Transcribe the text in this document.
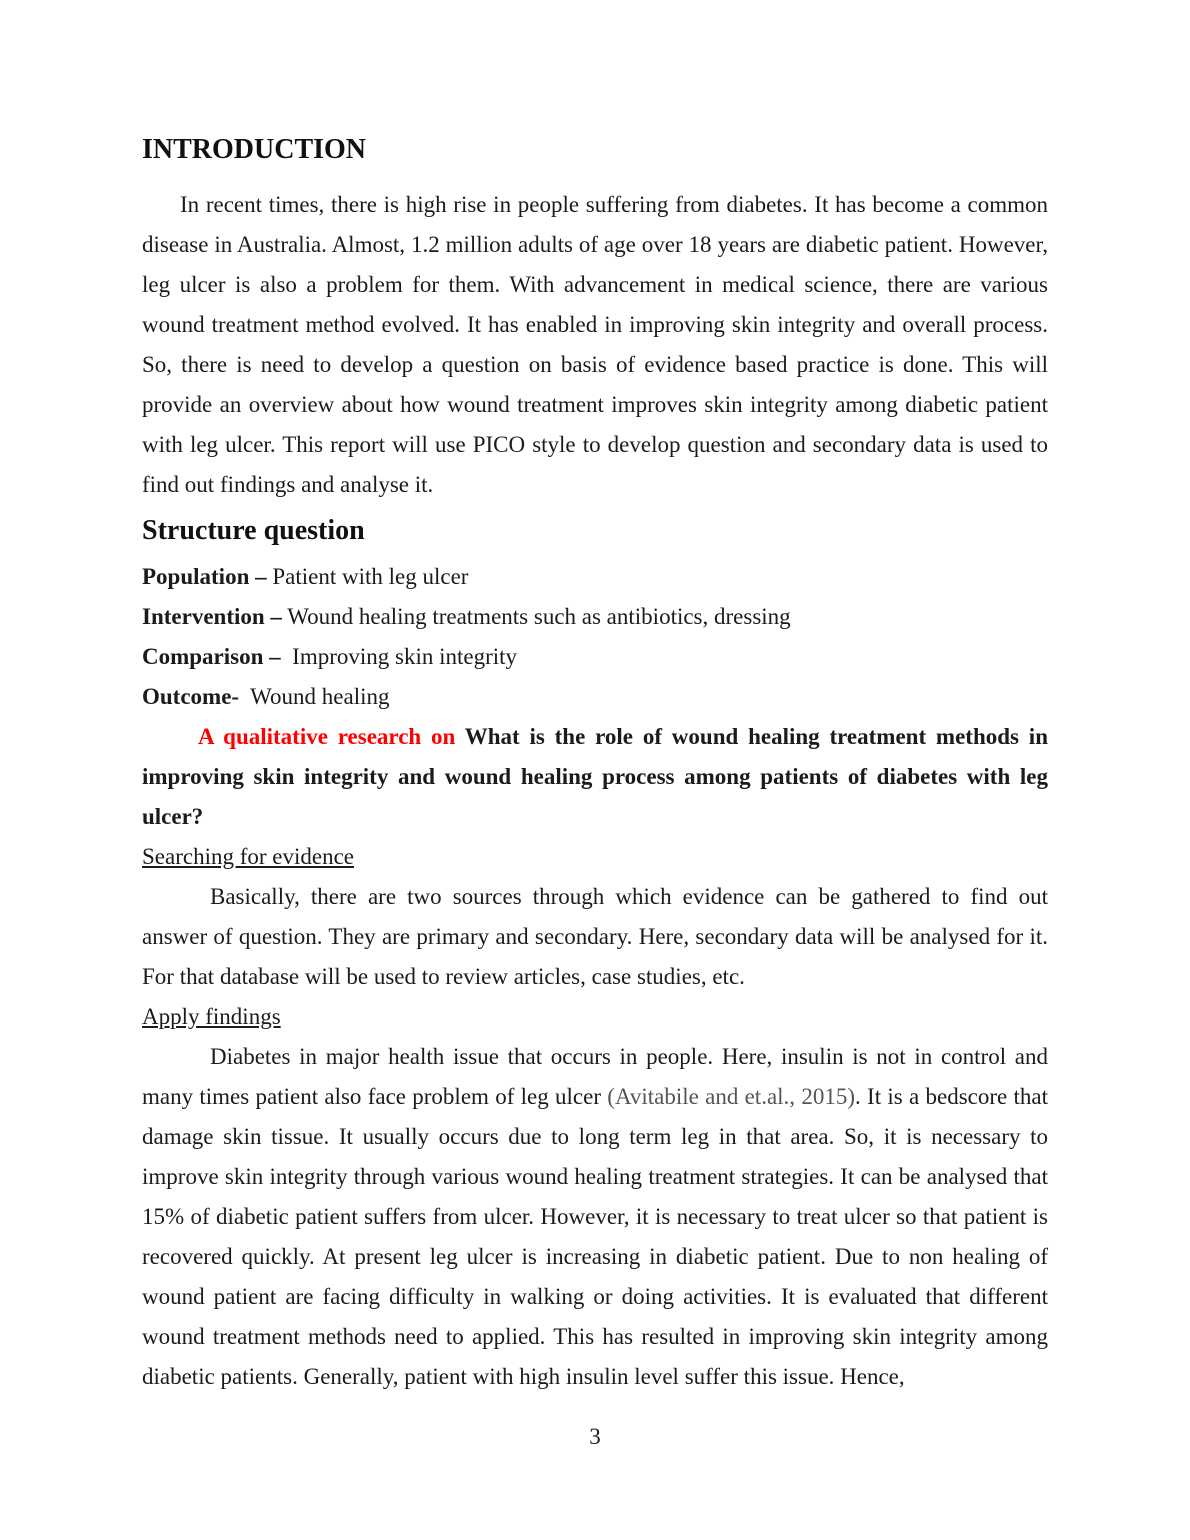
INTRODUCTION

In recent times, there is high rise in people suffering from diabetes. It has become a common disease in Australia. Almost, 1.2 million adults of age over 18 years are diabetic patient. However, leg ulcer is also a problem for them. With advancement in medical science, there are various wound treatment method evolved. It has enabled in improving skin integrity and overall process. So, there is need to develop a question on basis of evidence based practice is done. This will provide an overview about how wound treatment improves skin integrity among diabetic patient with leg ulcer. This report will use PICO style to develop question and secondary data is used to find out findings and analyse it.

Structure question

Population – Patient with leg ulcer

Intervention – Wound healing treatments such as antibiotics, dressing

Comparison –  Improving skin integrity

Outcome-  Wound healing

A qualitative research on What is the role of wound healing treatment methods in improving skin integrity and wound healing process among patients of diabetes with leg ulcer?

Searching for evidence

Basically, there are two sources through which evidence can be gathered to find out answer of question. They are primary and secondary. Here, secondary data will be analysed for it. For that database will be used to review articles, case studies, etc.

Apply findings

Diabetes in major health issue that occurs in people. Here, insulin is not in control and many times patient also face problem of leg ulcer (Avitabile and et.al., 2015). It is a bedscore that damage skin tissue. It usually occurs due to long term leg in that area. So, it is necessary to improve skin integrity through various wound healing treatment strategies. It can be analysed that 15% of diabetic patient suffers from ulcer. However, it is necessary to treat ulcer so that patient is recovered quickly. At present leg ulcer is increasing in diabetic patient. Due to non healing of wound patient are facing difficulty in walking or doing activities. It is evaluated that different wound treatment methods need to applied. This has resulted in improving skin integrity among diabetic patients. Generally, patient with high insulin level suffer this issue. Hence,

3
